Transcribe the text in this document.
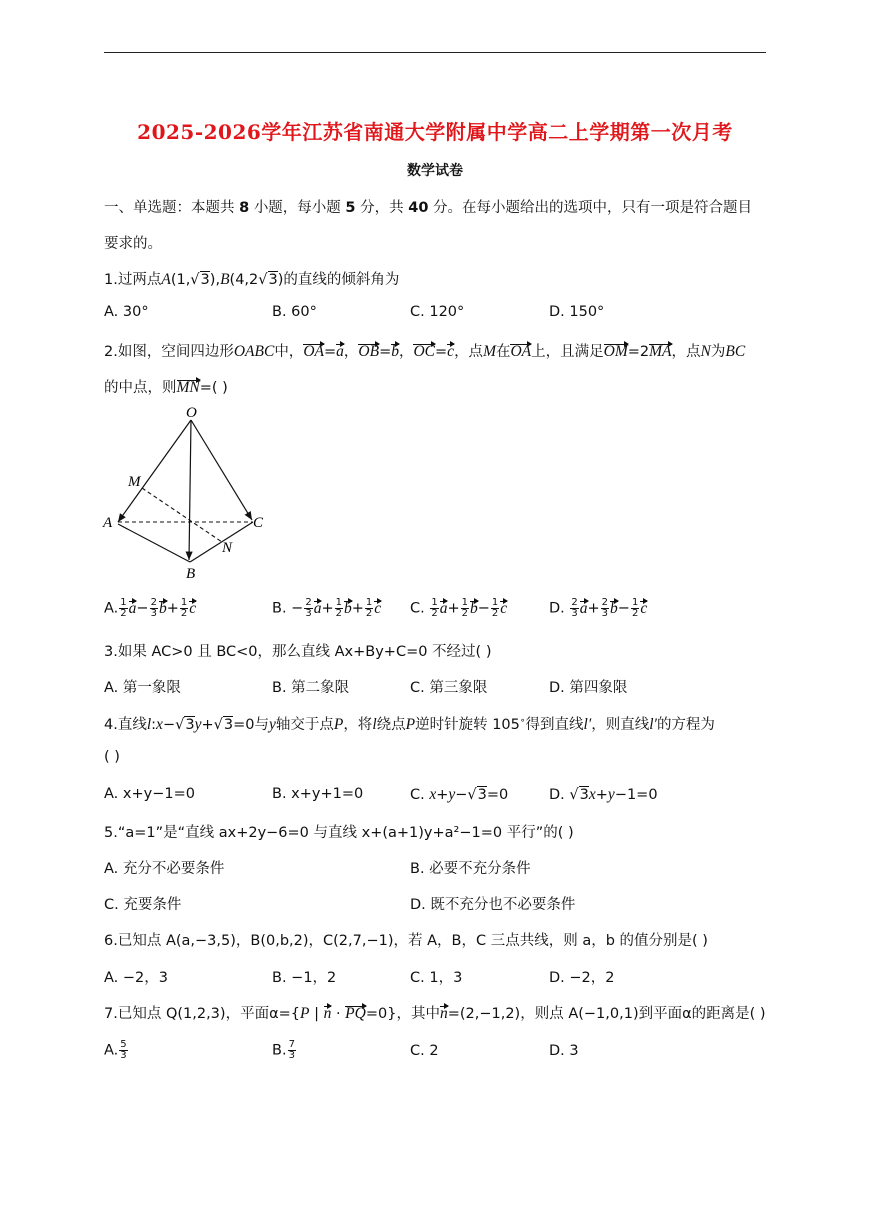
2025-2026学年江苏省南通大学附属中学高二上学期第一次月考
数学试卷
一、单选题：本题共 8 小题，每小题 5 分，共 40 分。在每小题给出的选项中，只有一项是符合题目
要求的。
1.过两点A(1,√3),B(4,2√3)的直线的倾斜角为
A. 30°	B. 60°	C. 120°	D. 150°
2.如图，空间四边形OABC中，OA=a，OB=b，OC=c，点M在OA上，且满足OM=2MA，点N为BC
的中点，则MN=( )
O
M
A	C
N
B
A. $\frac{1}{2} a- \frac{2}{3} b+ \frac{1}{2}$ c	B. − $\frac{2}{3} a+ \frac{1}{2} b+ \frac{1}{2}$ c C. $\frac{1}{2} a+ \frac{1}{2} b- \frac{1}{2}$ c	D. $\frac{2}{3} a+ \frac{2}{3} b- \frac{1}{2}$ c
3.如果 AC>0 且 BC<0，那么直线 Ax+By+C=0 不经过( )
A. 第一象限	B. 第二象限	C. 第三象限	D. 第四象限
4.直线l:x−√3y+√3=0与y轴交于点P，将l绕点P逆时针旋转 105∘得到直线l′，则直线l′的方程为
( )
A. x+y−1=0	B. x+y+1=0	C. x+y−√3=0	D. √3x+y−1=0
5.“a=1”是“直线 ax+2y−6=0 与直线 x+(a+1)y+a²−1=0 平行”的( )
A. 充分不必要条件	B. 必要不充分条件
C. 充要条件	D. 既不充分也不必要条件
6.已知点 A(a,−3,5)，B(0,b,2)，C(2,7,−1)，若 A，B，C 三点共线，则 a，b 的值分别是( )
A. −2，3	B. −1，2	C. 1，3	D. −2，2
7.已知点 Q(1,2,3)，平面α={P | n · PQ=0}，其中n=(2,−1,2)，则点 A(−1,0,1)到平面α的距离是( )
A. $\frac{5}{3}$	B. $\frac{7}{3}$	C. 2	D. 3
